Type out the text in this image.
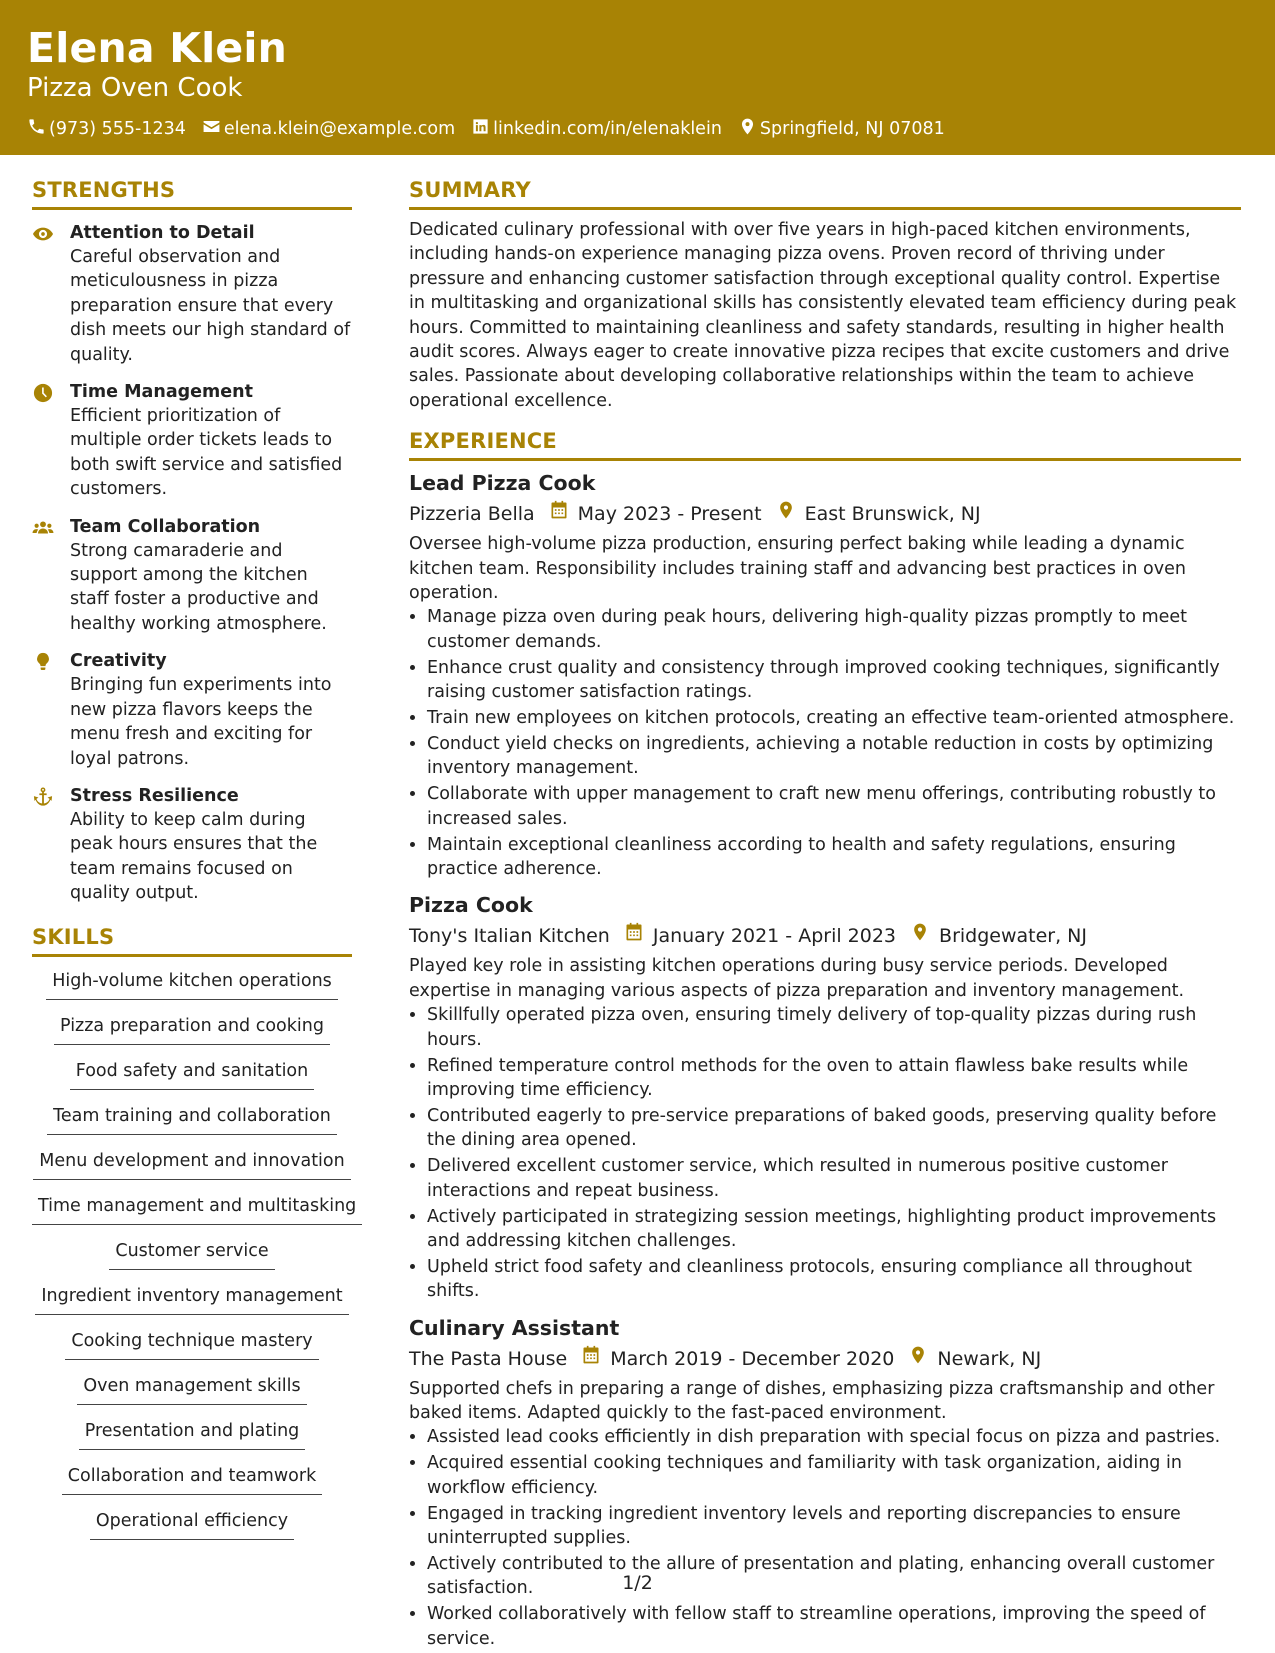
Elena Klein
Pizza Oven Cook
(973) 555-1234 elena.klein@example.com linkedin.com/in/elenaklein Springfield, NJ 07081
STRENGTHS
Attention to Detail
Careful observation and meticulousness in pizza preparation ensure that every dish meets our high standard of quality.
Time Management
Efficient prioritization of multiple order tickets leads to both swift service and satisfied customers.
Team Collaboration
Strong camaraderie and support among the kitchen staff foster a productive and healthy working atmosphere.
Creativity
Bringing fun experiments into new pizza flavors keeps the menu fresh and exciting for loyal patrons.
Stress Resilience
Ability to keep calm during peak hours ensures that the team remains focused on quality output.
SKILLS
High-volume kitchen operations
Pizza preparation and cooking
Food safety and sanitation
Team training and collaboration
Menu development and innovation
Time management and multitasking
Customer service
Ingredient inventory management
Cooking technique mastery
Oven management skills
Presentation and plating
Collaboration and teamwork
Operational efficiency
SUMMARY
Dedicated culinary professional with over five years in high-paced kitchen environments, including hands-on experience managing pizza ovens. Proven record of thriving under pressure and enhancing customer satisfaction through exceptional quality control. Expertise in multitasking and organizational skills has consistently elevated team efficiency during peak hours. Committed to maintaining cleanliness and safety standards, resulting in higher health audit scores. Always eager to create innovative pizza recipes that excite customers and drive sales. Passionate about developing collaborative relationships within the team to achieve operational excellence.
EXPERIENCE
Lead Pizza Cook
Pizzeria Bella May 2023 - Present East Brunswick, NJ
Oversee high-volume pizza production, ensuring perfect baking while leading a dynamic kitchen team. Responsibility includes training staff and advancing best practices in oven operation.
• Manage pizza oven during peak hours, delivering high-quality pizzas promptly to meet customer demands.
• Enhance crust quality and consistency through improved cooking techniques, significantly raising customer satisfaction ratings.
• Train new employees on kitchen protocols, creating an effective team-oriented atmosphere.
• Conduct yield checks on ingredients, achieving a notable reduction in costs by optimizing inventory management.
• Collaborate with upper management to craft new menu offerings, contributing robustly to increased sales.
• Maintain exceptional cleanliness according to health and safety regulations, ensuring practice adherence.
Pizza Cook
Tony's Italian Kitchen January 2021 - April 2023 Bridgewater, NJ
Played key role in assisting kitchen operations during busy service periods. Developed expertise in managing various aspects of pizza preparation and inventory management.
• Skillfully operated pizza oven, ensuring timely delivery of top-quality pizzas during rush hours.
• Refined temperature control methods for the oven to attain flawless bake results while improving time efficiency.
• Contributed eagerly to pre-service preparations of baked goods, preserving quality before the dining area opened.
• Delivered excellent customer service, which resulted in numerous positive customer interactions and repeat business.
• Actively participated in strategizing session meetings, highlighting product improvements and addressing kitchen challenges.
• Upheld strict food safety and cleanliness protocols, ensuring compliance all throughout shifts.
Culinary Assistant
The Pasta House March 2019 - December 2020 Newark, NJ
Supported chefs in preparing a range of dishes, emphasizing pizza craftsmanship and other baked items. Adapted quickly to the fast-paced environment.
• Assisted lead cooks efficiently in dish preparation with special focus on pizza and pastries.
• Acquired essential cooking techniques and familiarity with task organization, aiding in workflow efficiency.
• Engaged in tracking ingredient inventory levels and reporting discrepancies to ensure uninterrupted supplies.
• Actively contributed to the allure of presentation and plating, enhancing overall customer satisfaction.
• Worked collaboratively with fellow staff to streamline operations, improving the speed of service.
1/2
